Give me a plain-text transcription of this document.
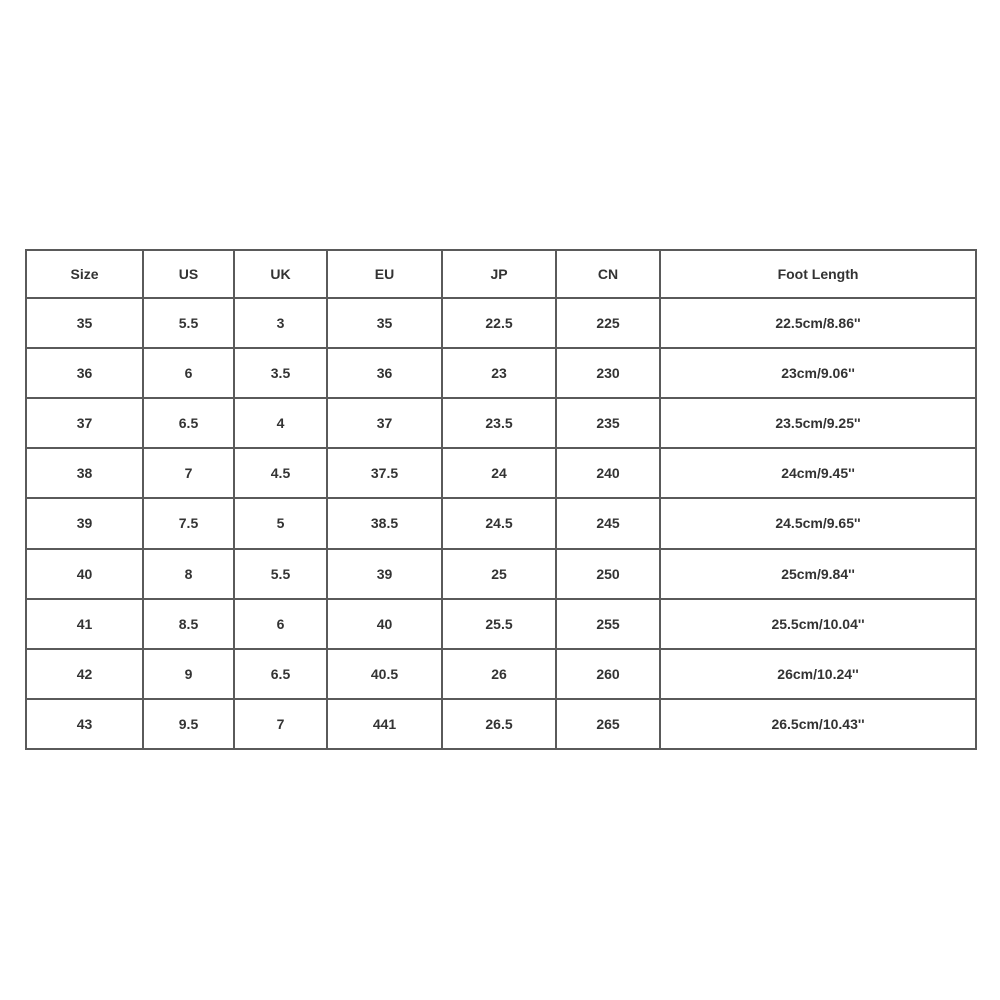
Size	US	UK	EU	JP	CN	Foot Length
35	5.5	3	35	22.5	225	22.5cm/8.86''
36	6	3.5	36	23	230	23cm/9.06''
37	6.5	4	37	23.5	235	23.5cm/9.25''
38	7	4.5	37.5	24	240	24cm/9.45''
39	7.5	5	38.5	24.5	245	24.5cm/9.65''
40	8	5.5	39	25	250	25cm/9.84''
41	8.5	6	40	25.5	255	25.5cm/10.04''
42	9	6.5	40.5	26	260	26cm/10.24''
43	9.5	7	441	26.5	265	26.5cm/10.43''
